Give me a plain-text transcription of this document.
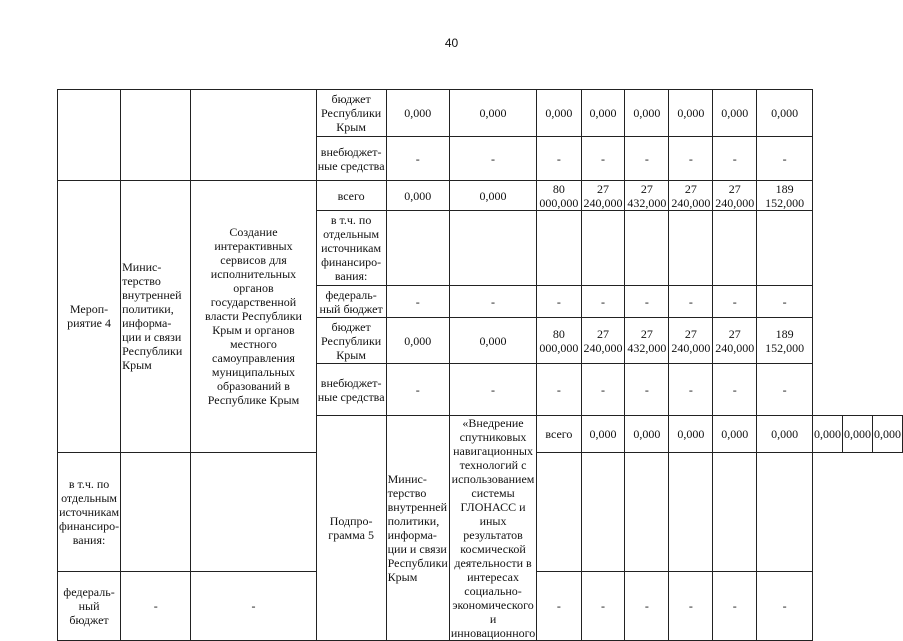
40
			бюджет Республики Крым	0,000	0,000	0,000	0,000	0,000	0,000	0,000	0,000			
			внебюджет-ные средства	-	-	-	-	-	-	-	-			
Мероп-риятие 4	Минис-терство внутренней политики, информа-ции и связи Республики Крым	Создание интерактивных сервисов для исполнительных органов государственной власти Республики Крым и органов местного самоуправления муниципальных образований в Республике Крым	всего	0,000	0,000	80 000,000	27 240,000	27 432,000	27 240,000	27 240,000	189 152,000			
			в т.ч. по отдельным источникам финансиро-вания:											
			федераль-ный бюджет	-	-	-	-	-	-	-	-			
			бюджет Республики Крым	0,000	0,000	80 000,000	27 240,000	27 432,000	27 240,000	27 240,000	189 152,000			
			внебюджет-ные средства	-	-	-	-	-	-	-	-			
			Подпро-грамма 5	Минис-терство внутренней политики, информа-ции и связи Республики Крым	«Внедрение спутниковых навигационных технологий с использованием системы ГЛОНАСС и иных результатов космической деятельности в интересах социально-экономического и инновационного	всего	0,000	0,000	0,000	0,000	0,000	0,000	0,000	0,000
в т.ч. по отдельным источникам финансиро-вания:														
федераль-ный бюджет	-	-				-	-	-	-	-	-			
